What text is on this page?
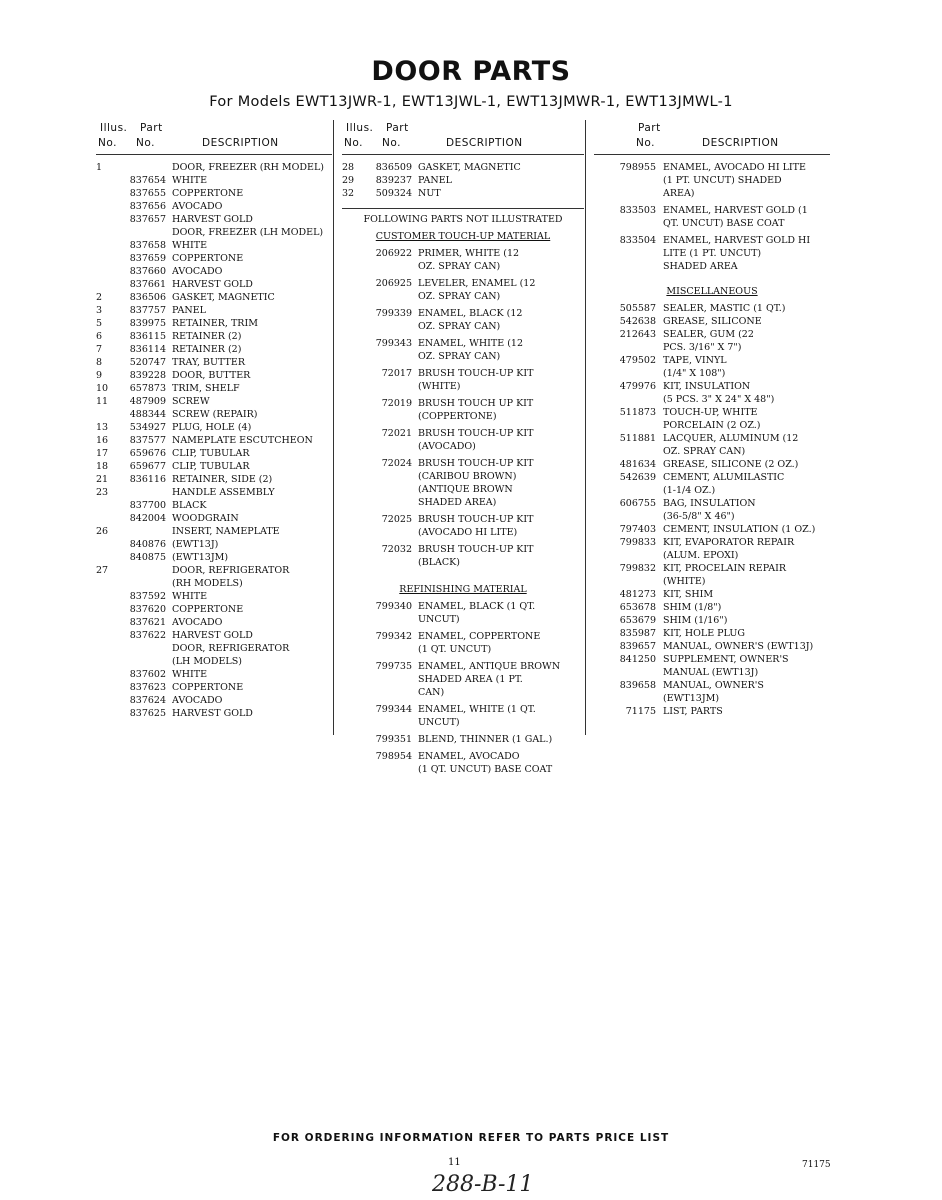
DOOR PARTS
For Models EWT13JWR-1, EWT13JWL-1, EWT13JMWR-1, EWT13JMWL-1
Illus. Part
No. No.	DESCRIPTION
1	DOOR, FREEZER (RH MODEL)
837654 WHITE
837655 COPPERTONE
837656 AVOCADO
837657 HARVEST GOLD
DOOR, FREEZER (LH MODEL)
837658 WHITE
837659 COPPERTONE
837660 AVOCADO
837661 HARVEST GOLD
2	836506 GASKET, MAGNETIC
3	837757 PANEL
5	839975 RETAINER, TRIM
6	836115 RETAINER (2)
7	836114 RETAINER (2)
8	520747 TRAY, BUTTER
9	839228 DOOR, BUTTER
10	657873 TRIM, SHELF
11	487909 SCREW
488344 SCREW (REPAIR)
13	534927 PLUG, HOLE (4)
16	837577 NAMEPLATE ESCUTCHEON
17	659676 CLIP, TUBULAR
18	659677 CLIP, TUBULAR
21	836116 RETAINER, SIDE (2)
23	HANDLE ASSEMBLY
837700 BLACK
842004 WOODGRAIN
26	INSERT, NAMEPLATE
840876 (EWT13J)
840875 (EWT13JM)
27	DOOR, REFRIGERATOR
(RH MODELS)
837592 WHITE
837620 COPPERTONE
837621 AVOCADO
837622 HARVEST GOLD
DOOR, REFRIGERATOR
(LH MODELS)
837602 WHITE
837623 COPPERTONE
837624 AVOCADO
837625 HARVEST GOLD
Illus. Part
No. No.	DESCRIPTION
28	836509 GASKET, MAGNETIC
29	839237 PANEL
32	509324 NUT
FOLLOWING PARTS NOT ILLUSTRATED
CUSTOMER TOUCH-UP MATERIAL
206922 PRIMER, WHITE (12
OZ. SPRAY CAN)
206925 LEVELER, ENAMEL (12
OZ. SPRAY CAN)
799339 ENAMEL, BLACK (12
OZ. SPRAY CAN)
799343 ENAMEL, WHITE (12
OZ. SPRAY CAN)
72017 BRUSH TOUCH-UP KIT
(WHITE)
72019 BRUSH TOUCH UP KIT
(COPPERTONE)
72021 BRUSH TOUCH-UP KIT
(AVOCADO)
72024 BRUSH TOUCH-UP KIT
(CARIBOU BROWN)
(ANTIQUE BROWN
SHADED AREA)
72025 BRUSH TOUCH-UP KIT
(AVOCADO HI LITE)
72032 BRUSH TOUCH-UP KIT
(BLACK)
REFINISHING MATERIAL
799340 ENAMEL, BLACK (1 QT.
UNCUT)
799342 ENAMEL, COPPERTONE
(1 QT. UNCUT)
799735 ENAMEL, ANTIQUE BROWN
SHADED AREA (1 PT.
CAN)
799344 ENAMEL, WHITE (1 QT.
UNCUT)
799351 BLEND, THINNER (1 GAL.)
798954 ENAMEL, AVOCADO
(1 QT. UNCUT) BASE COAT
Part
No.	DESCRIPTION
798955 ENAMEL, AVOCADO HI LITE
(1 PT. UNCUT) SHADED
AREA)
833503 ENAMEL, HARVEST GOLD (1
QT. UNCUT) BASE COAT
833504 ENAMEL, HARVEST GOLD HI
LITE (1 PT. UNCUT)
SHADED AREA
MISCELLANEOUS
505587 SEALER, MASTIC (1 QT.)
542638 GREASE, SILICONE
212643 SEALER, GUM (22
PCS. 3/16" X 7")
479502 TAPE, VINYL
(1/4" X 108")
479976 KIT, INSULATION
(5 PCS. 3" X 24" X 48")
511873 TOUCH-UP, WHITE
PORCELAIN (2 OZ.)
511881 LACQUER, ALUMINUM (12
OZ. SPRAY CAN)
481634 GREASE, SILICONE (2 OZ.)
542639 CEMENT, ALUMILASTIC
(1-1/4 OZ.)
606755 BAG, INSULATION
(36-5/8" X 46")
797403 CEMENT, INSULATION (1 OZ.)
799833 KIT, EVAPORATOR REPAIR
(ALUM. EPOXI)
799832 KIT, PROCELAIN REPAIR
(WHITE)
481273 KIT, SHIM
653678 SHIM (1/8")
653679 SHIM (1/16")
835987 KIT, HOLE PLUG
839657 MANUAL, OWNER'S (EWT13J)
841250 SUPPLEMENT, OWNER'S
MANUAL (EWT13J)
839658 MANUAL, OWNER'S
(EWT13JM)
71175 LIST, PARTS
FOR ORDERING INFORMATION REFER TO PARTS PRICE LIST
11	71175
288-B-11
